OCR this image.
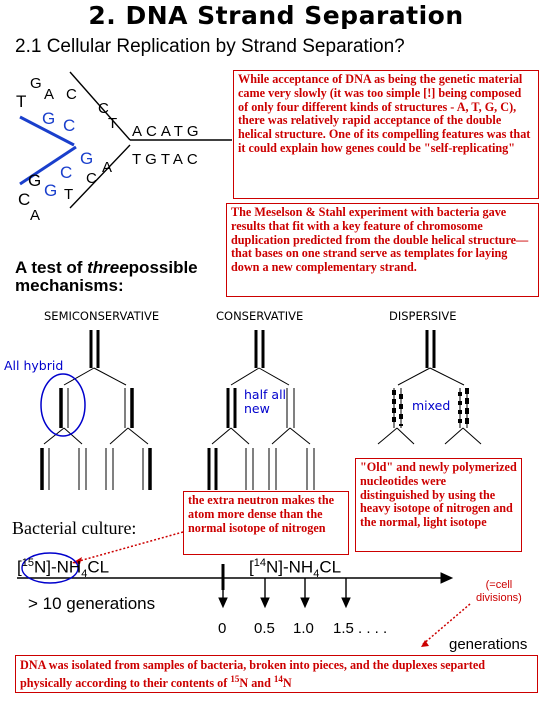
2. DNA Strand Separation
2.1 Cellular Replication by Strand Separation?
G
A C
T	C
G C T ACATG
TGTAC
G A
G C C
G T
C
A
While acceptance of DNA as being the genetic material came very slowly (it was too simple [!] being composed of only four different kinds of structures - A, T, G, C), there was relatively rapid acceptance of the double helical structure. One of its compelling features was that it could explain how genes could be "self-replicating"
The Meselson & Stahl experiment with bacteria gave results that fit with a key feature of chromosome duplication predicted from the double helical structure—that bases on one strand serve as templates for laying down a new complementary strand.
A test of threepossible
mechanisms:
SEMICONSERVATIVE	CONSERVATIVE	DISPERSIVE
All hybrid
half all
new	mixed
"Old" and newly polymerized nucleotides were distinguished by using the heavy isotope of nitrogen and the normal, light isotope
the extra neutron makes the atom more dense than the normal isotope of nitrogen
Bacterial culture:
$[^{15}N]-NH_4CL$	$[^{14}N]-NH_4CL$
> 10 generations
0 0.5 1.0 1.5 . . . .
generations
(=cell
divisions)
DNA was isolated from samples of bacteria, broken into pieces, and the duplexes separted physically according to their contents of $^{15}$N and $^{14}$N
